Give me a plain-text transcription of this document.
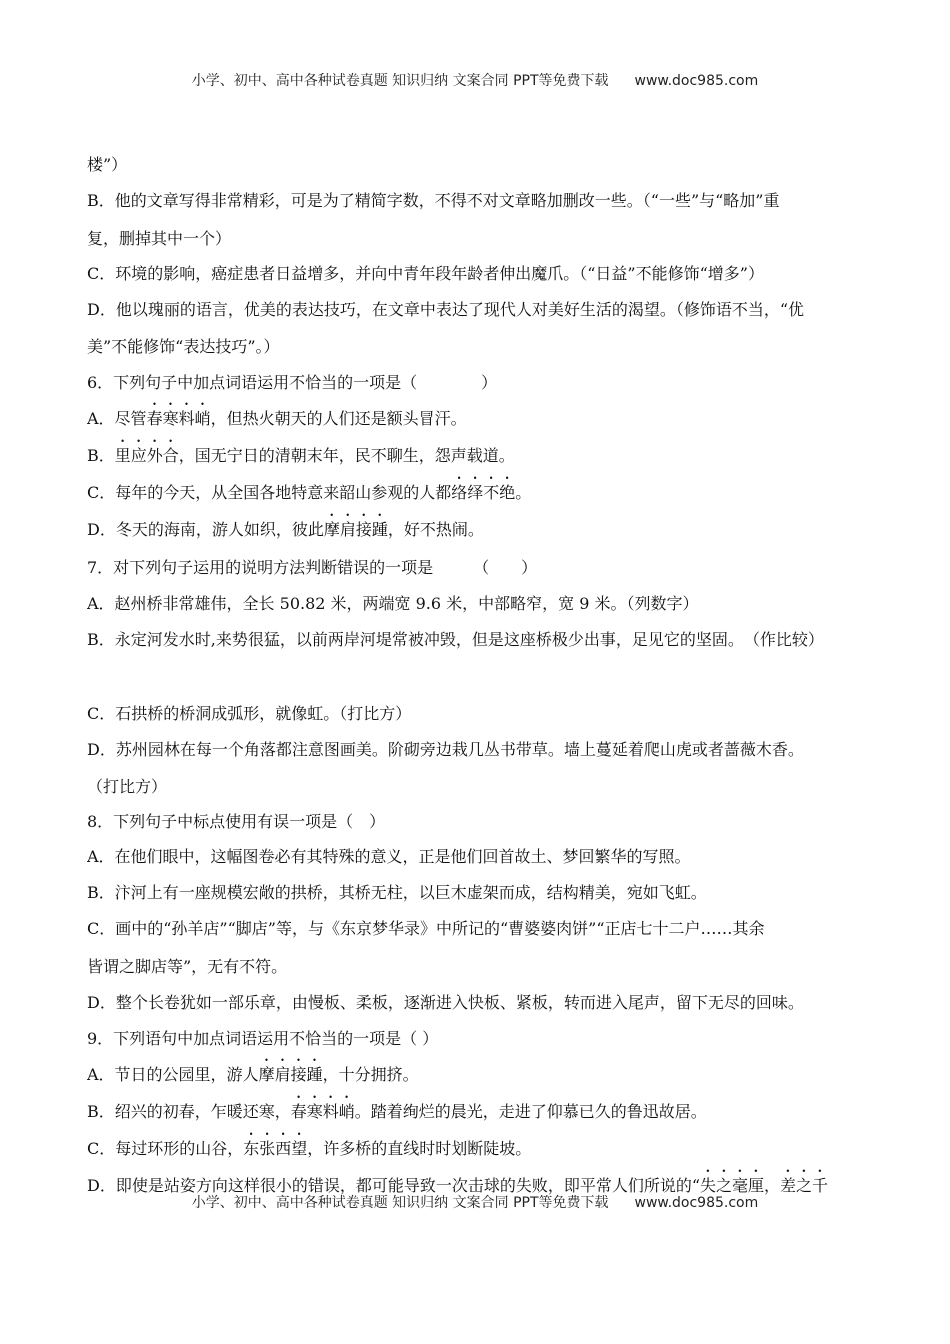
小学、初中、高中各种试卷真题 知识归纳 文案合同 PPT等免费下载 www.doc985.com
楼”）
B．他的文章写得非常精彩，可是为了精简字数，不得不对文章略加删改一些。（“一些”与“略加”重
复，删掉其中一个）
C．环境的影响，癌症患者日益增多，并向中青年段年龄者伸出魔爪。（“日益”不能修饰“增多”）
D．他以瑰丽的语言，优美的表达技巧，在文章中表达了现代人对美好生活的渴望。（修饰语不当，“优
美”不能修饰“表达技巧”。）
6．下列句子中加点词语运用不恰当的一项是（　　　　）
A．尽管春寒料峭，但热火朝天的人们还是额头冒汗。
B．里应外合，国无宁日的清朝末年，民不聊生，怨声载道。
C．每年的今天，从全国各地特意来韶山参观的人都络绎不绝。
D．冬天的海南，游人如织，彼此摩肩接踵，好不热闹。
7．对下列句子运用的说明方法判断错误的一项是　　　（　　）
A．赵州桥非常雄伟，全长 50.82 米，两端宽 9.6 米，中部略窄，宽 9 米。（列数字）
B．永定河发水时,来势很猛，以前两岸河堤常被冲毁，但是这座桥极少出事，足见它的坚固。　（作比较）
C．石拱桥的桥洞成弧形，就像虹。（打比方）
D．苏州园林在每一个角落都注意图画美。阶砌旁边栽几丛书带草。墙上蔓延着爬山虎或者蔷薇木香。
（打比方）
8．下列句子中标点使用有误一项是（　）
A．在他们眼中，这幅图卷必有其特殊的意义，正是他们回首故土、梦回繁华的写照。
B．汴河上有一座规模宏敞的拱桥，其桥无柱，以巨木虚架而成，结构精美，宛如飞虹。
C．画中的“孙羊店”“脚店”等，与《东京梦华录》中所记的“曹婆婆肉饼”“正店七十二户……其余
皆谓之脚店等”，无有不符。
D．整个长卷犹如一部乐章，由慢板、柔板，逐渐进入快板、紧板，转而进入尾声，留下无尽的回味。
9．下列语句中加点词语运用不恰当的一项是（ ）
A．节日的公园里，游人摩肩接踵，十分拥挤。
B．绍兴的初春，乍暖还寒，春寒料峭。踏着绚烂的晨光，走进了仰慕已久的鲁迅故居。
C．每过环形的山谷，东张西望，许多桥的直线时时划断陡坡。
D．即使是站姿方向这样很小的错误，都可能导致一次击球的失败，即平常人们所说的“失之毫厘，差之千
小学、初中、高中各种试卷真题 知识归纳 文案合同 PPT等免费下载 www.doc985.com
